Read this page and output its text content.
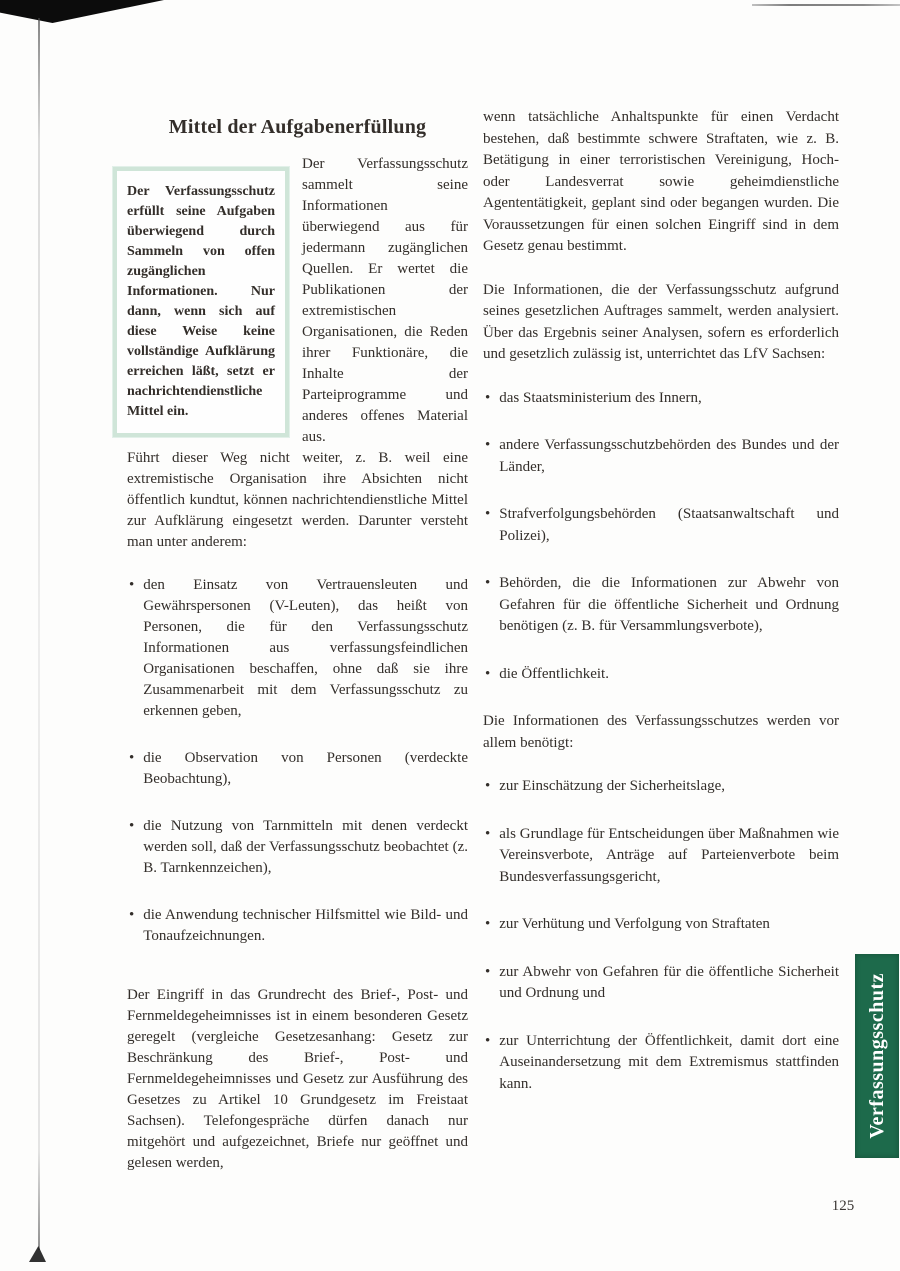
Mittel der Aufgabenerfüllung
Der Verfassungsschutz erfüllt seine Aufgaben überwiegend durch Sammeln von offen zugänglichen Informationen. Nur dann, wenn sich auf diese Weise keine vollständige Aufklärung erreichen läßt, setzt er nachrichtendienstliche Mittel ein.

Der Verfassungsschutz sammelt seine Informationen überwiegend aus für jedermann zugänglichen Quellen. Er wertet die Publikationen der extremistischen Organisationen, die Reden ihrer Funktionäre, die Inhalte der Parteiprogramme und anderes offenes Material aus.

Führt dieser Weg nicht weiter, z. B. weil eine extremistische Organisation ihre Absichten nicht öffentlich kundtut, können nachrichtendienstliche Mittel zur Aufklärung eingesetzt werden. Darunter versteht man unter anderem:

• den Einsatz von Vertrauensleuten und Gewährspersonen (V-Leuten), das heißt von Personen, die für den Verfassungsschutz Informationen aus verfassungsfeindlichen Organisationen beschaffen, ohne daß sie ihre Zusammenarbeit mit dem Verfassungsschutz zu erkennen geben,
• die Observation von Personen (verdeckte Beobachtung),
• die Nutzung von Tarnmitteln mit denen verdeckt werden soll, daß der Verfassungsschutz beobachtet (z. B. Tarnkennzeichen),
• die Anwendung technischer Hilfsmittel wie Bild- und Tonaufzeichnungen.

Der Eingriff in das Grundrecht des Brief-, Post- und Fernmeldegeheimnisses ist in einem besonderen Gesetz geregelt (vergleiche Gesetzesanhang: Gesetz zur Beschränkung des Brief-, Post- und Fernmeldegeheimnisses und Gesetz zur Ausführung des Gesetzes zu Artikel 10 Grundgesetz im Freistaat Sachsen). Telefongespräche dürfen danach nur mitgehört und aufgezeichnet, Briefe nur geöffnet und gelesen werden,

wenn tatsächliche Anhaltspunkte für einen Verdacht bestehen, daß bestimmte schwere Straftaten, wie z. B. Betätigung in einer terroristischen Vereinigung, Hoch- oder Landesverrat sowie geheimdienstliche Agententätigkeit, geplant sind oder begangen wurden. Die Voraussetzungen für einen solchen Eingriff sind in dem Gesetz genau bestimmt.

Die Informationen, die der Verfassungsschutz aufgrund seines gesetzlichen Auftrages sammelt, werden analysiert. Über das Ergebnis seiner Analysen, sofern es erforderlich und gesetzlich zulässig ist, unterrichtet das LfV Sachsen:

• das Staatsministerium des Innern,
• andere Verfassungsschutzbehörden des Bundes und der Länder,
• Strafverfolgungsbehörden (Staatsanwaltschaft und Polizei),
• Behörden, die die Informationen zur Abwehr von Gefahren für die öffentliche Sicherheit und Ordnung benötigen (z. B. für Versammlungsverbote),
• die Öffentlichkeit.

Die Informationen des Verfassungsschutzes werden vor allem benötigt:

• zur Einschätzung der Sicherheitslage,
• als Grundlage für Entscheidungen über Maßnahmen wie Vereinsverbote, Anträge auf Parteienverbote beim Bundesverfassungsgericht,
• zur Verhütung und Verfolgung von Straftaten
• zur Abwehr von Gefahren für die öffentliche Sicherheit und Ordnung und
• zur Unterrichtung der Öffentlichkeit, damit dort eine Auseinandersetzung mit dem Extremismus stattfinden kann.	Verfassungsschutz
125
